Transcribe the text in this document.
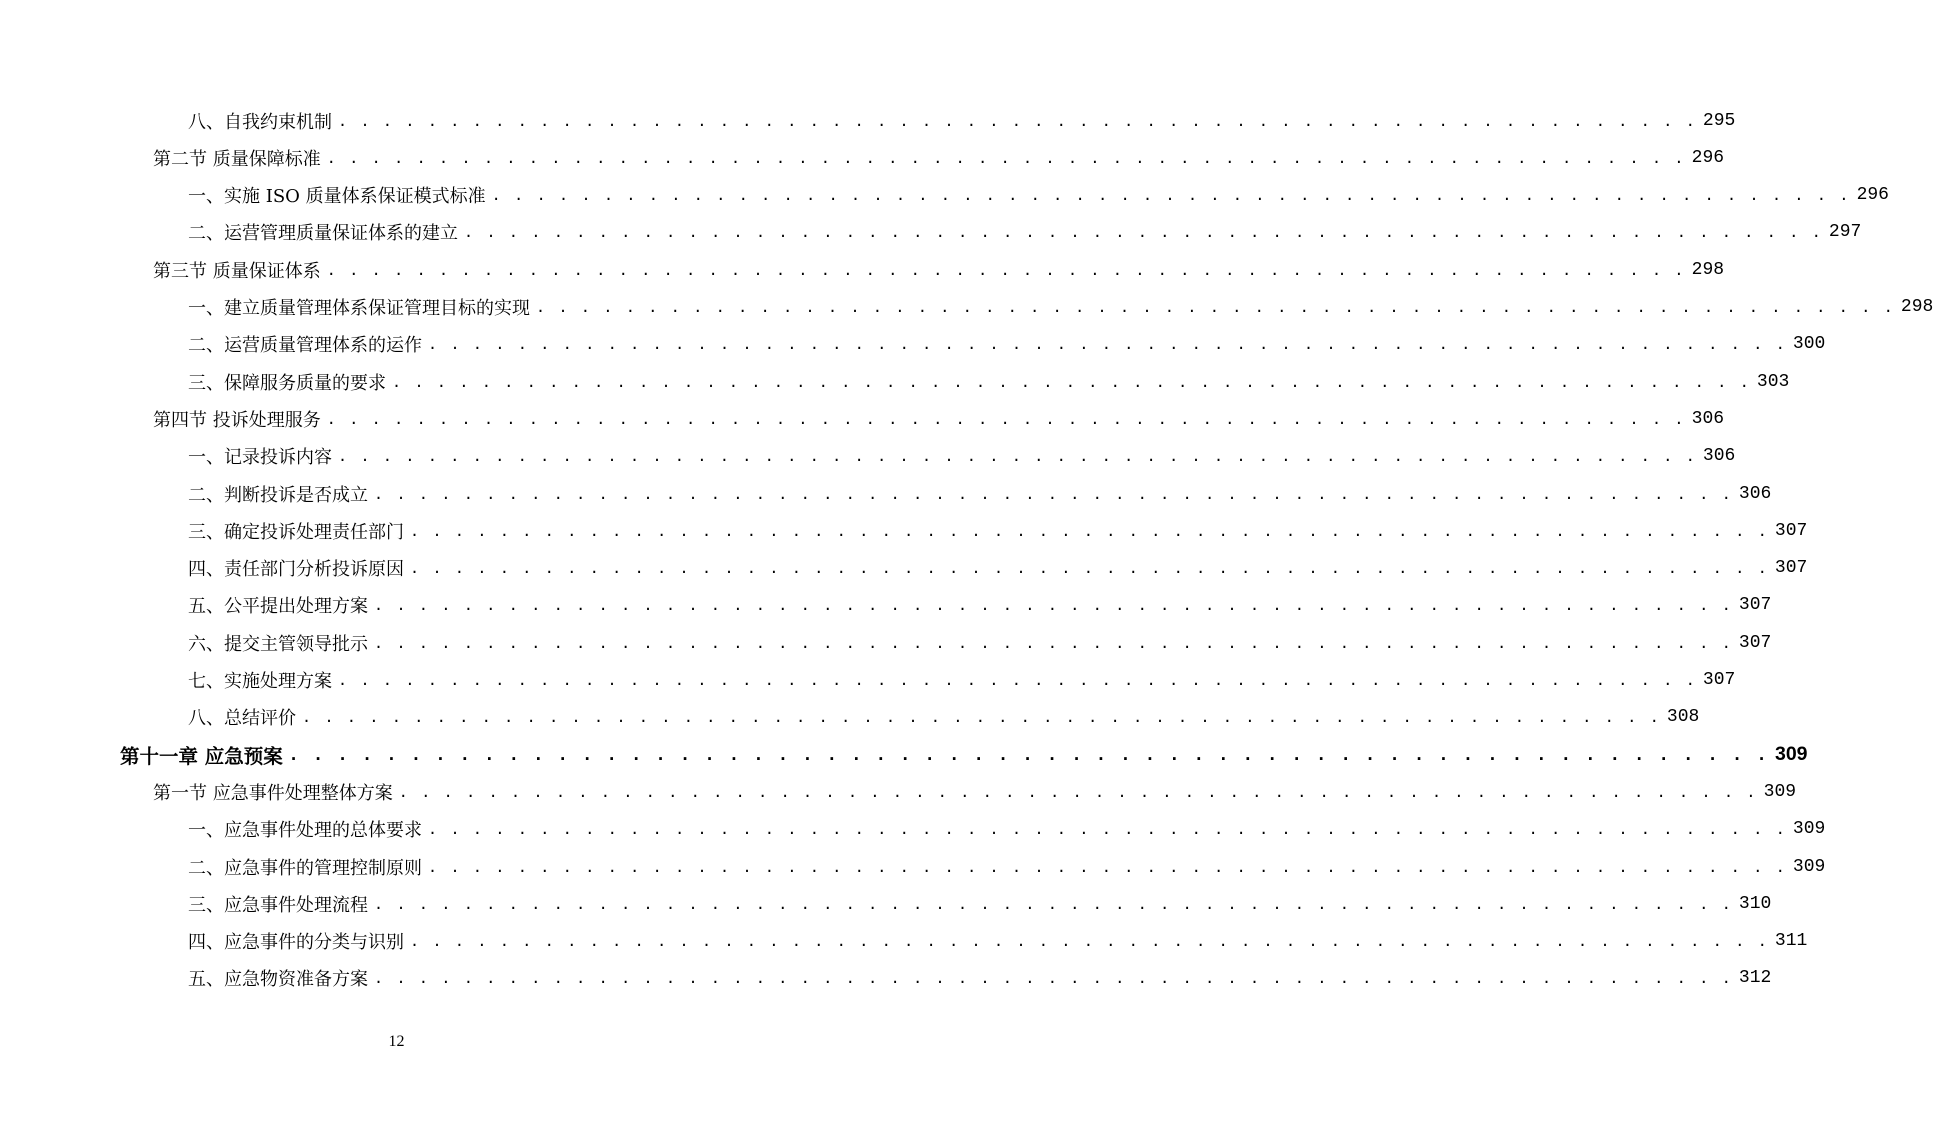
八、自我约束机制 . . . . . . . . . . . . . . . . . . . . . . . . . . . . . . . . . . . . . . . . . . . . . . . . . . . . . . . . . . . . . 295
第二节 质量保障标准 . . . . . . . . . . . . . . . . . . . . . . . . . . . . . . . . . . . . . . . . . . . . . . . . . . . . . . . . . . . . . 296
一、实施 ISO 质量体系保证模式标准 . . . . . . . . . . . . . . . . . . . . . . . . . . . . . . . . . . . . . . . . . . . . . . . . . . . . . . . . . . . . . 296
二、运营管理质量保证体系的建立 . . . . . . . . . . . . . . . . . . . . . . . . . . . . . . . . . . . . . . . . . . . . . . . . . . . . . . . . . . . . . 297
第三节 质量保证体系 . . . . . . . . . . . . . . . . . . . . . . . . . . . . . . . . . . . . . . . . . . . . . . . . . . . . . . . . . . . . . 298
一、建立质量管理体系保证管理目标的实现 . . . . . . . . . . . . . . . . . . . . . . . . . . . . . . . . . . . . . . . . . . . . . . . . . . . . . . . . . . . . . 298
二、运营质量管理体系的运作 . . . . . . . . . . . . . . . . . . . . . . . . . . . . . . . . . . . . . . . . . . . . . . . . . . . . . . . . . . . . . 300
三、保障服务质量的要求 . . . . . . . . . . . . . . . . . . . . . . . . . . . . . . . . . . . . . . . . . . . . . . . . . . . . . . . . . . . . . 303
第四节 投诉处理服务 . . . . . . . . . . . . . . . . . . . . . . . . . . . . . . . . . . . . . . . . . . . . . . . . . . . . . . . . . . . . . 306
一、记录投诉内容 . . . . . . . . . . . . . . . . . . . . . . . . . . . . . . . . . . . . . . . . . . . . . . . . . . . . . . . . . . . . . 306
二、判断投诉是否成立 . . . . . . . . . . . . . . . . . . . . . . . . . . . . . . . . . . . . . . . . . . . . . . . . . . . . . . . . . . . . . 306
三、确定投诉处理责任部门 . . . . . . . . . . . . . . . . . . . . . . . . . . . . . . . . . . . . . . . . . . . . . . . . . . . . . . . . . . . . . 307
四、责任部门分析投诉原因 . . . . . . . . . . . . . . . . . . . . . . . . . . . . . . . . . . . . . . . . . . . . . . . . . . . . . . . . . . . . . 307
五、公平提出处理方案 . . . . . . . . . . . . . . . . . . . . . . . . . . . . . . . . . . . . . . . . . . . . . . . . . . . . . . . . . . . . . 307
六、提交主管领导批示 . . . . . . . . . . . . . . . . . . . . . . . . . . . . . . . . . . . . . . . . . . . . . . . . . . . . . . . . . . . . . 307
七、实施处理方案 . . . . . . . . . . . . . . . . . . . . . . . . . . . . . . . . . . . . . . . . . . . . . . . . . . . . . . . . . . . . . 307
八、总结评价 . . . . . . . . . . . . . . . . . . . . . . . . . . . . . . . . . . . . . . . . . . . . . . . . . . . . . . . . . . . . . 308
第十一章 应急预案 . . . . . . . . . . . . . . . . . . . . . . . . . . . . . . . . . . . . . . . . . . . . . . . . . . . . . . . . . . . . . 309
第一节 应急事件处理整体方案 . . . . . . . . . . . . . . . . . . . . . . . . . . . . . . . . . . . . . . . . . . . . . . . . . . . . . . . . . . . . . 309
一、应急事件处理的总体要求 . . . . . . . . . . . . . . . . . . . . . . . . . . . . . . . . . . . . . . . . . . . . . . . . . . . . . . . . . . . . . 309
二、应急事件的管理控制原则 . . . . . . . . . . . . . . . . . . . . . . . . . . . . . . . . . . . . . . . . . . . . . . . . . . . . . . . . . . . . . 309
三、应急事件处理流程 . . . . . . . . . . . . . . . . . . . . . . . . . . . . . . . . . . . . . . . . . . . . . . . . . . . . . . . . . . . . . 310
四、应急事件的分类与识别 . . . . . . . . . . . . . . . . . . . . . . . . . . . . . . . . . . . . . . . . . . . . . . . . . . . . . . . . . . . . . 311
五、应急物资准备方案 . . . . . . . . . . . . . . . . . . . . . . . . . . . . . . . . . . . . . . . . . . . . . . . . . . . . . . . . . . . . . 312
12
